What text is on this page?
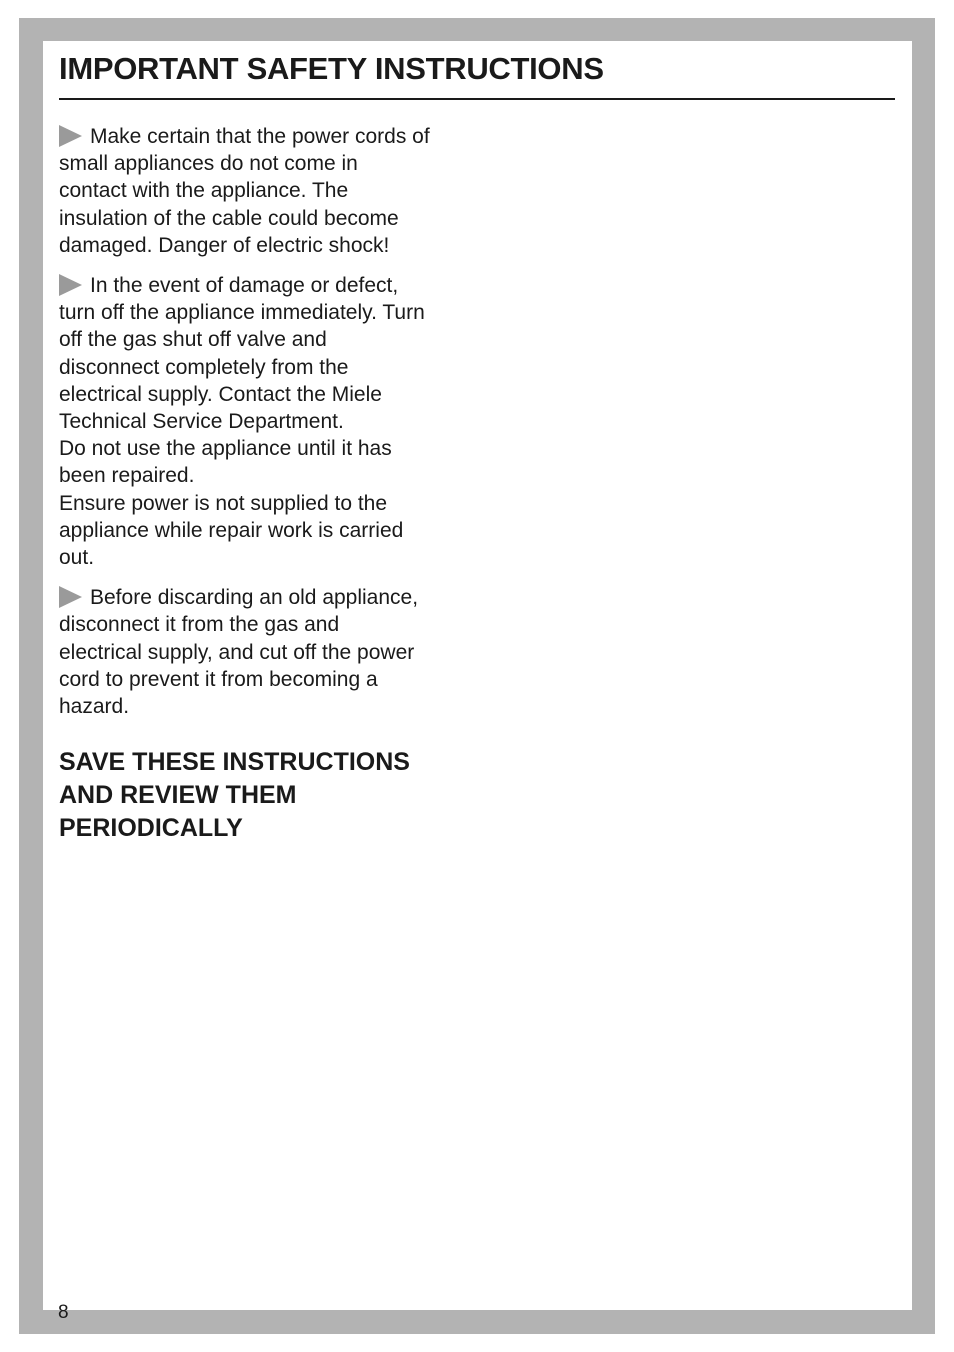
IMPORTANT SAFETY INSTRUCTIONS

Make certain that the power cords of
small appliances do not come in
contact with the appliance. The
insulation of the cable could become
damaged. Danger of electric shock!

In the event of damage or defect,
turn off the appliance immediately. Turn
off the gas shut off valve and
disconnect completely from the
electrical supply. Contact the Miele
Technical Service Department.
Do not use the appliance until it has
been repaired.
Ensure power is not supplied to the
appliance while repair work is carried
out.

Before discarding an old appliance,
disconnect it from the gas and
electrical supply, and cut off the power
cord to prevent it from becoming a
hazard.

SAVE THESE INSTRUCTIONS
AND REVIEW THEM
PERIODICALLY
8
